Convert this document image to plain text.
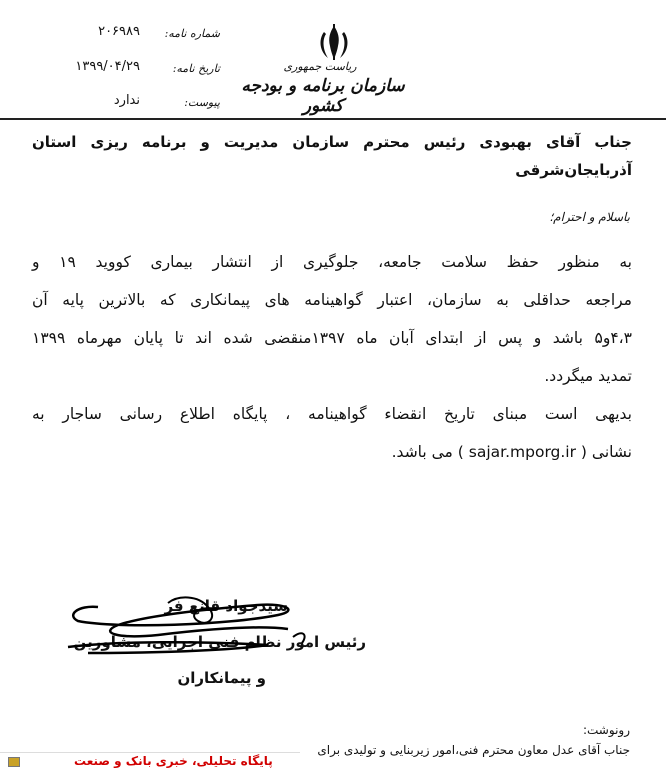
ریاست جمهوری
سازمان برنامه و بودجه کشور
شماره نامه:
۲۰۶۹۸۹
تاریخ نامه:
۱۳۹۹/۰۴/۲۹
پیوست:
ندارد
جناب آقای بهبودی رئیس محترم سازمان مدیریت و برنامه ریزی استان
آذربایجان‌شرقی
باسلام و احترام؛
به منظور حفظ سلامت جامعه، جلوگیری از انتشار بیماری کووید ۱۹ و
مراجعه حداقلی به سازمان، اعتبار گواهینامه های پیمانکاری که بالاترین پایه آن
۴،۳و۵ باشد و پس از ابتدای آبان ماه ۱۳۹۷منقضی شده اند تا پایان مهرماه ۱۳۹۹
تمدید میگردد.
بدیهی است مبنای تاریخ انقضاء گواهینامه ، پایگاه اطلاع رسانی ساجار به
نشانی ( sajar.mporg.ir ) می باشد.
سیدجواد قانع فر
رئیس امور نظام فنی اجرایی، مشاورین
و پیمانکاران
رونوشت:
جناب آقای عدل معاون محترم فنی،امور زیربنایی و تولیدی برای
پایگاه تحلیلی، خبری بانک و صنعت
